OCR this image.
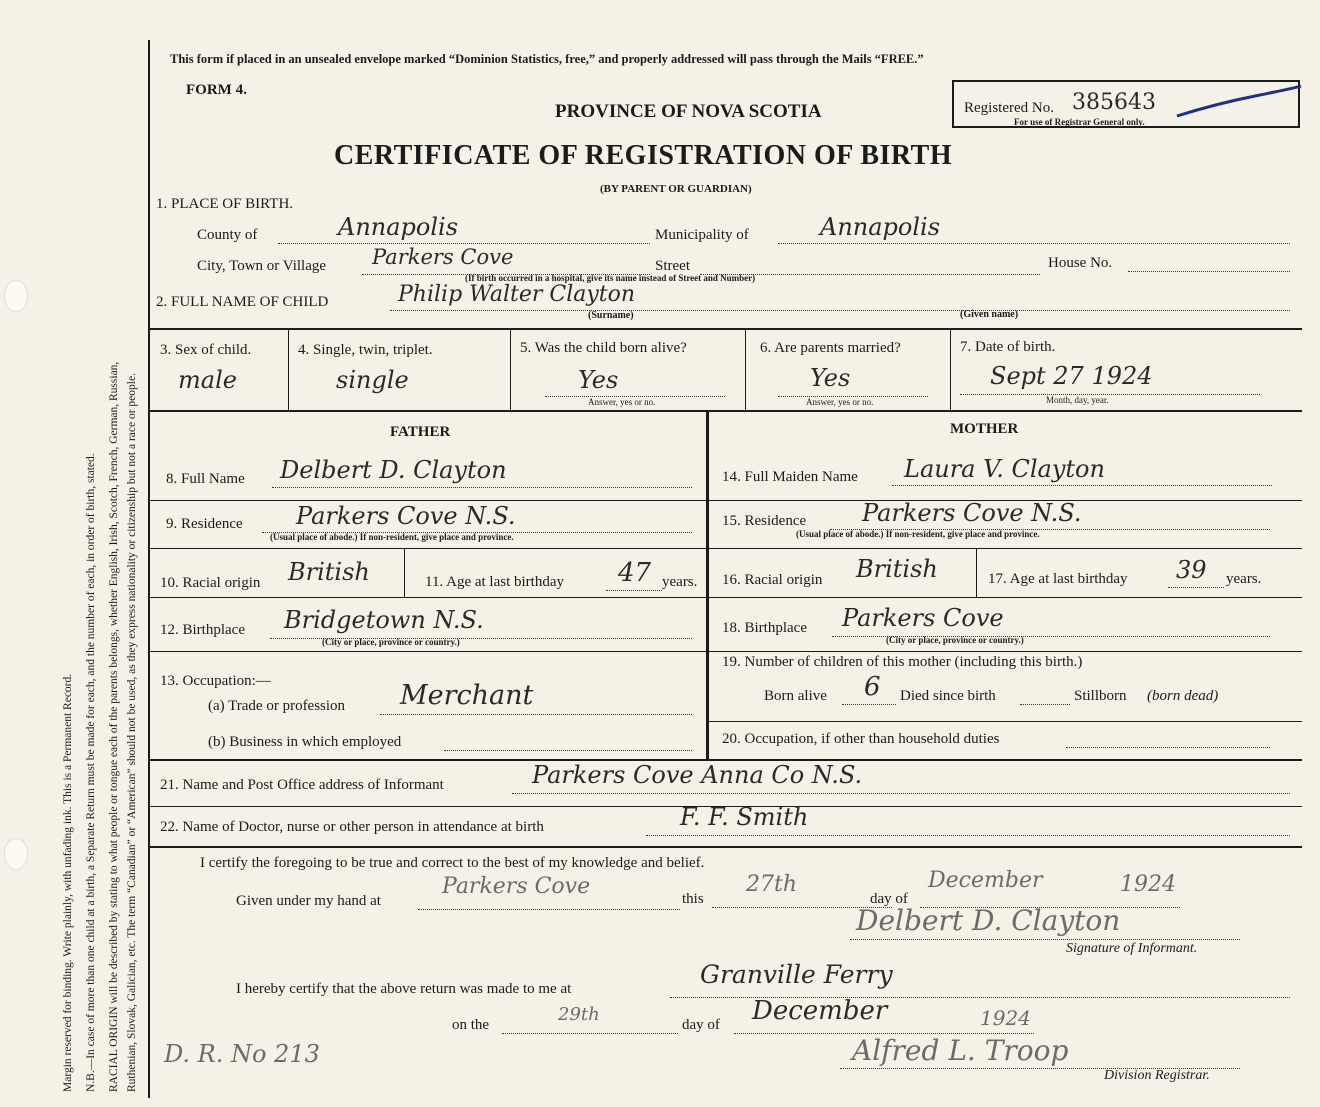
Margin reserved for binding. Write plainly, with unfading ink. This is a Permanent Record. N.B.—In case of more than one child at a birth, a Separate Return must be made for each, and the number of each, in order of birth, stated. RACIAL ORIGIN will be described by stating to what people or tongue each of the parents belongs, whether English, Irish, Scotch, French, German, Russian, Ruthenian, Slovak, Galician, etc. The term “Canadian” or “American” should not be used, as they express nationality or citizenship but not a race or people.
This form if placed in an unsealed envelope marked “Dominion Statistics, free,” and properly addressed will pass through the Mails “FREE.”
FORM 4.
PROVINCE OF NOVA SCOTIA
CERTIFICATE OF REGISTRATION OF BIRTH
(BY PARENT OR GUARDIAN)
Registered No. 385643
For use of Registrar General only.
1. PLACE OF BIRTH.
County of	Annapolis	Municipality of	Annapolis
City, Town or Village Parkers Cove	Street	House No.
(If birth occurred in a hospital, give its name instead of Street and Number)
2. FULL NAME OF CHILD	Philip Walter Clayton
(Surname)	(Given name)
3. Sex of child.
male
4. Single, twin, triplet.
single
5. Was the child born alive?
Yes
Answer, yes or no.
6. Are parents married?
Yes
Answer, yes or no.
7. Date of birth.
Sept 27 1924
Month, day, year.
FATHER	MOTHER
8. Full Name Delbert D. Clayton	14. Full Maiden Name Laura V. Clayton
9. Residence Parkers Cove N.S.
(Usual place of abode.) If non-resident, give place and province.
15. Residence Parkers Cove N.S.
(Usual place of abode.) If non-resident, give place and province.
10. Racial origin British	11. Age at last birthday 47 years. 16. Racial origin British	17. Age at last birthday 39 years.
12. Birthplace Bridgetown N.S.
(City or place, province or country.)
18. Birthplace Parkers Cove
(City or place, province or country.)
13. Occupation:—
(a) Trade or profession Merchant
(b) Business in which employed
19. Number of children of this mother (including this birth.)
Born alive 6 Died since birth	Stillborn (born dead)
20. Occupation, if other than household duties
21. Name and Post Office address of Informant	Parkers Cove Anna Co N.S.
22. Name of Doctor, nurse or other person in attendance at birth	F. F. Smith
I certify the foregoing to be true and correct to the best of my knowledge and belief.
Given under my hand at
Parkers Cove	this
27th
day of
December	1924
Delbert D. Clayton
Signature of Informant.
I hereby certify that the above return was made to me at	Granville Ferry
on the	29th	day of December	1924
D. R. No 213	Alfred L. Troop
Division Registrar.
